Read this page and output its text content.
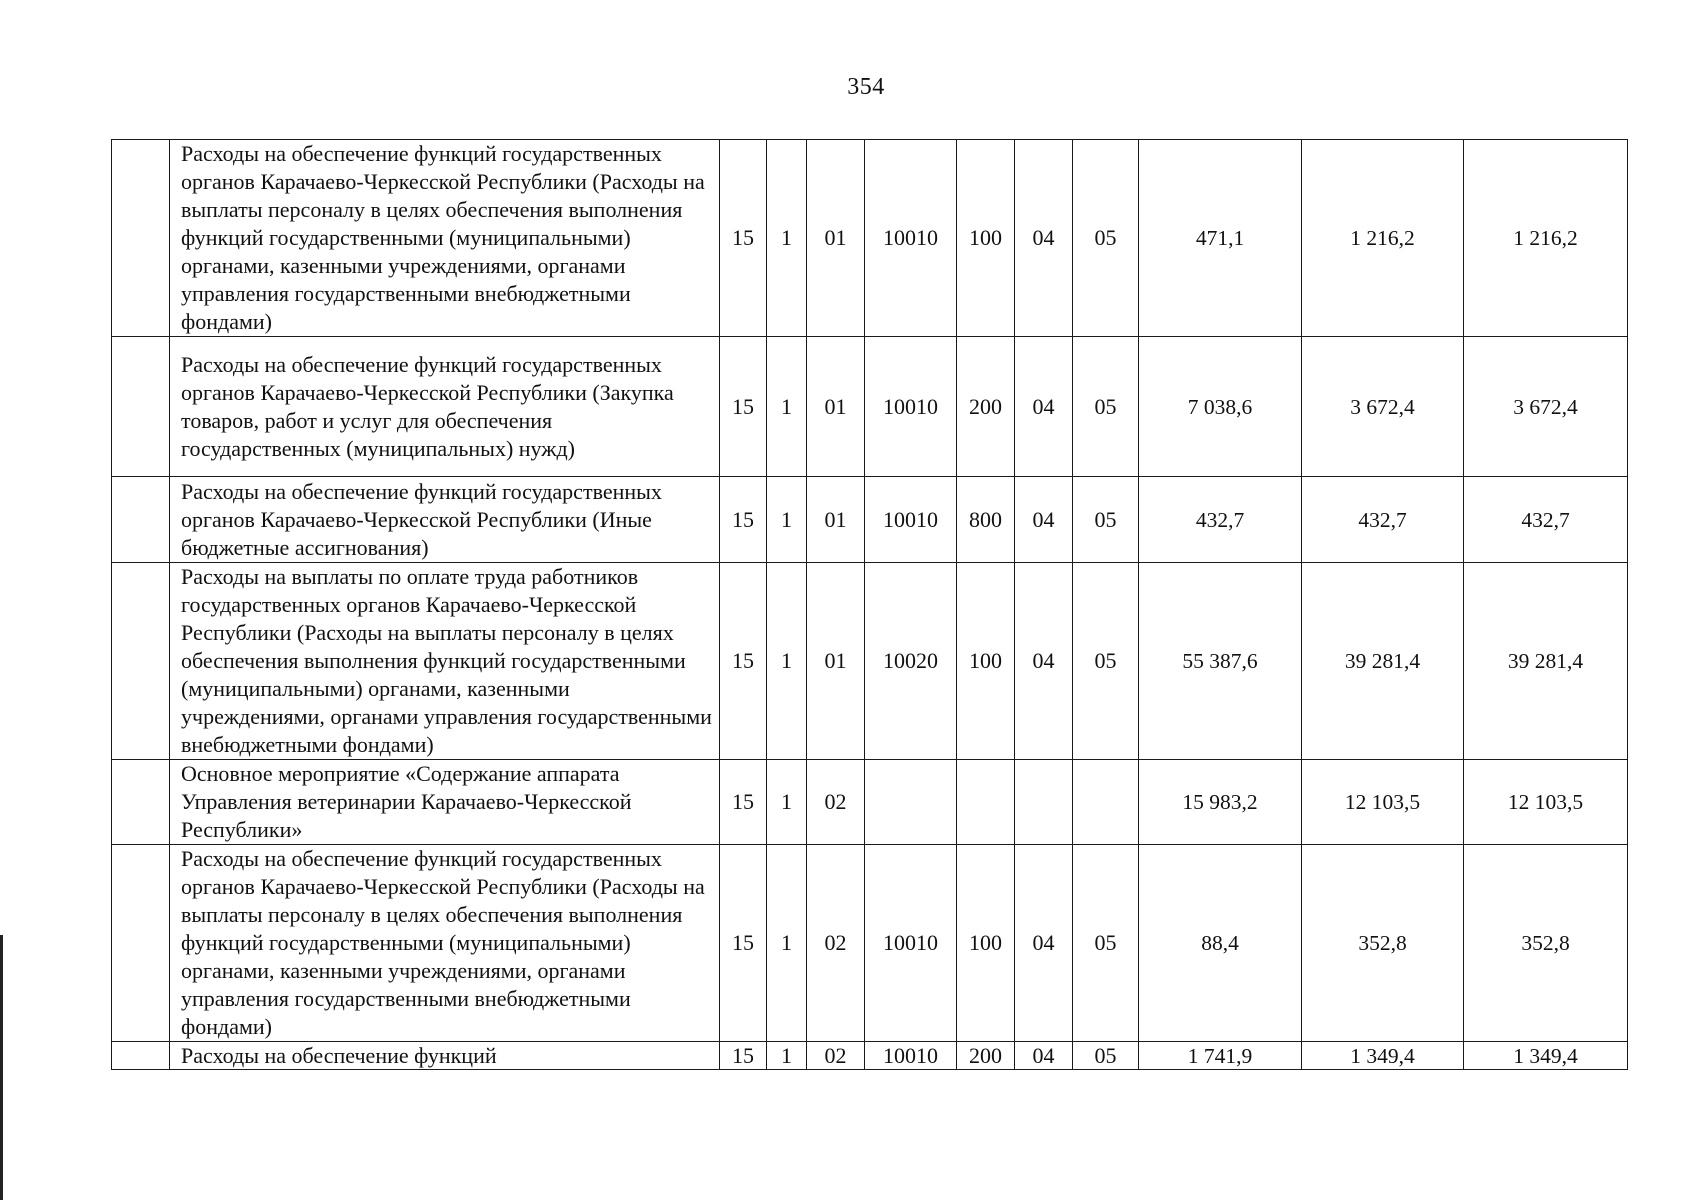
354
	Расходы на обеспечение функций государственных органов Карачаево-Черкесской Республики (Расходы на выплаты персоналу в целях обеспечения выполнения функций государственными (муниципальными) органами, казенными учреждениями, органами управления государственными внебюджетными фондами)	15	1	01	10010	100	04	05	471,1	1 216,2	1 216,2
	Расходы на обеспечение функций государственных органов Карачаево-Черкесской Республики (Закупка товаров, работ и услуг для обеспечения государственных (муниципальных) нужд)	15	1	01	10010	200	04	05	7 038,6	3 672,4	3 672,4
	Расходы на обеспечение функций государственных органов Карачаево-Черкесской Республики (Иные бюджетные ассигнования)	15	1	01	10010	800	04	05	432,7	432,7	432,7
	Расходы на выплаты по оплате труда работников государственных органов Карачаево-Черкесской Республики (Расходы на выплаты персоналу в целях обеспечения выполнения функций государственными (муниципальными) органами, казенными учреждениями, органами управления государственными внебюджетными фондами)	15	1	01	10020	100	04	05	55 387,6	39 281,4	39 281,4
	Основное мероприятие «Содержание аппарата Управления ветеринарии Карачаево-Черкесской Республики»	15	1	02					15 983,2	12 103,5	12 103,5
	Расходы на обеспечение функций государственных органов Карачаево-Черкесской Республики (Расходы на выплаты персоналу в целях обеспечения выполнения функций государственными (муниципальными) органами, казенными учреждениями, органами управления государственными внебюджетными фондами)	15	1	02	10010	100	04	05	88,4	352,8	352,8
	Расходы на обеспечение функций	15	1	02	10010	200	04	05	1 741,9	1 349,4	1 349,4
